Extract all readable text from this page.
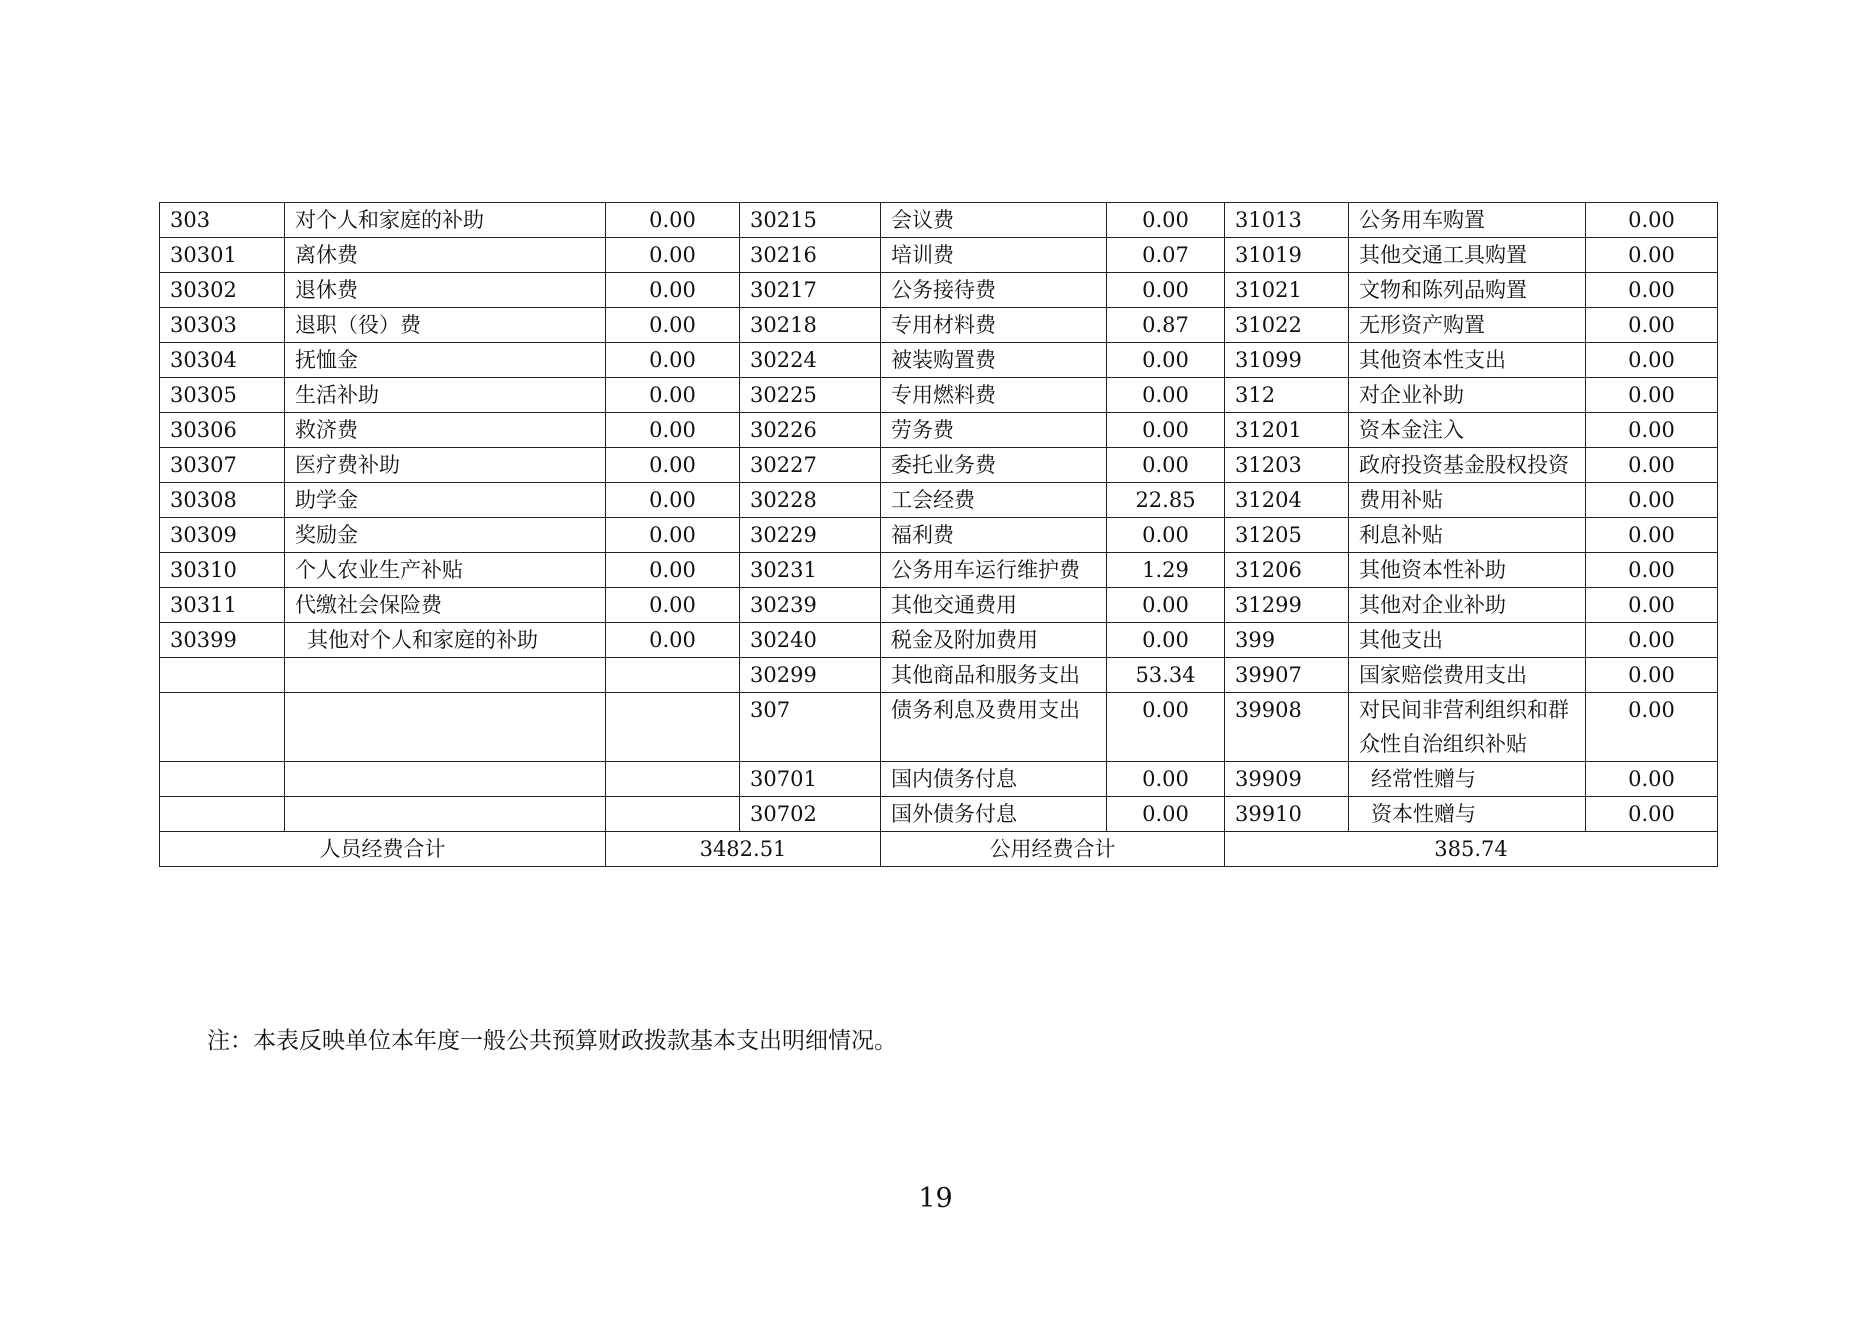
303	对个人和家庭的补助	0.00	30215	会议费	0.00	31013	公务用车购置	0.00
30301	离休费	0.00	30216	培训费	0.07	31019	其他交通工具购置	0.00
30302	退休费	0.00	30217	公务接待费	0.00	31021	文物和陈列品购置	0.00
30303	退职（役）费	0.00	30218	专用材料费	0.87	31022	无形资产购置	0.00
30304	抚恤金	0.00	30224	被装购置费	0.00	31099	其他资本性支出	0.00
30305	生活补助	0.00	30225	专用燃料费	0.00	312	对企业补助	0.00
30306	救济费	0.00	30226	劳务费	0.00	31201	资本金注入	0.00
30307	医疗费补助	0.00	30227	委托业务费	0.00	31203	政府投资基金股权投资	0.00
30308	助学金	0.00	30228	工会经费	22.85	31204	费用补贴	0.00
30309	奖励金	0.00	30229	福利费	0.00	31205	利息补贴	0.00
30310	个人农业生产补贴	0.00	30231	公务用车运行维护费	1.29	31206	其他资本性补助	0.00
30311	代缴社会保险费	0.00	30239	其他交通费用	0.00	31299	其他对企业补助	0.00
30399	其他对个人和家庭的补助	0.00	30240	税金及附加费用	0.00	399	其他支出	0.00
			30299	其他商品和服务支出	53.34	39907	国家赔偿费用支出	0.00
			307	债务利息及费用支出	0.00	39908	对民间非营利组织和群众性自治组织补贴	0.00
			30701	国内债务付息	0.00	39909	经常性赠与	0.00
			30702	国外债务付息	0.00	39910	资本性赠与	0.00
人员经费合计		3482.51		公用经费合计		385.74		
注：本表反映单位本年度一般公共预算财政拨款基本支出明细情况。
19
